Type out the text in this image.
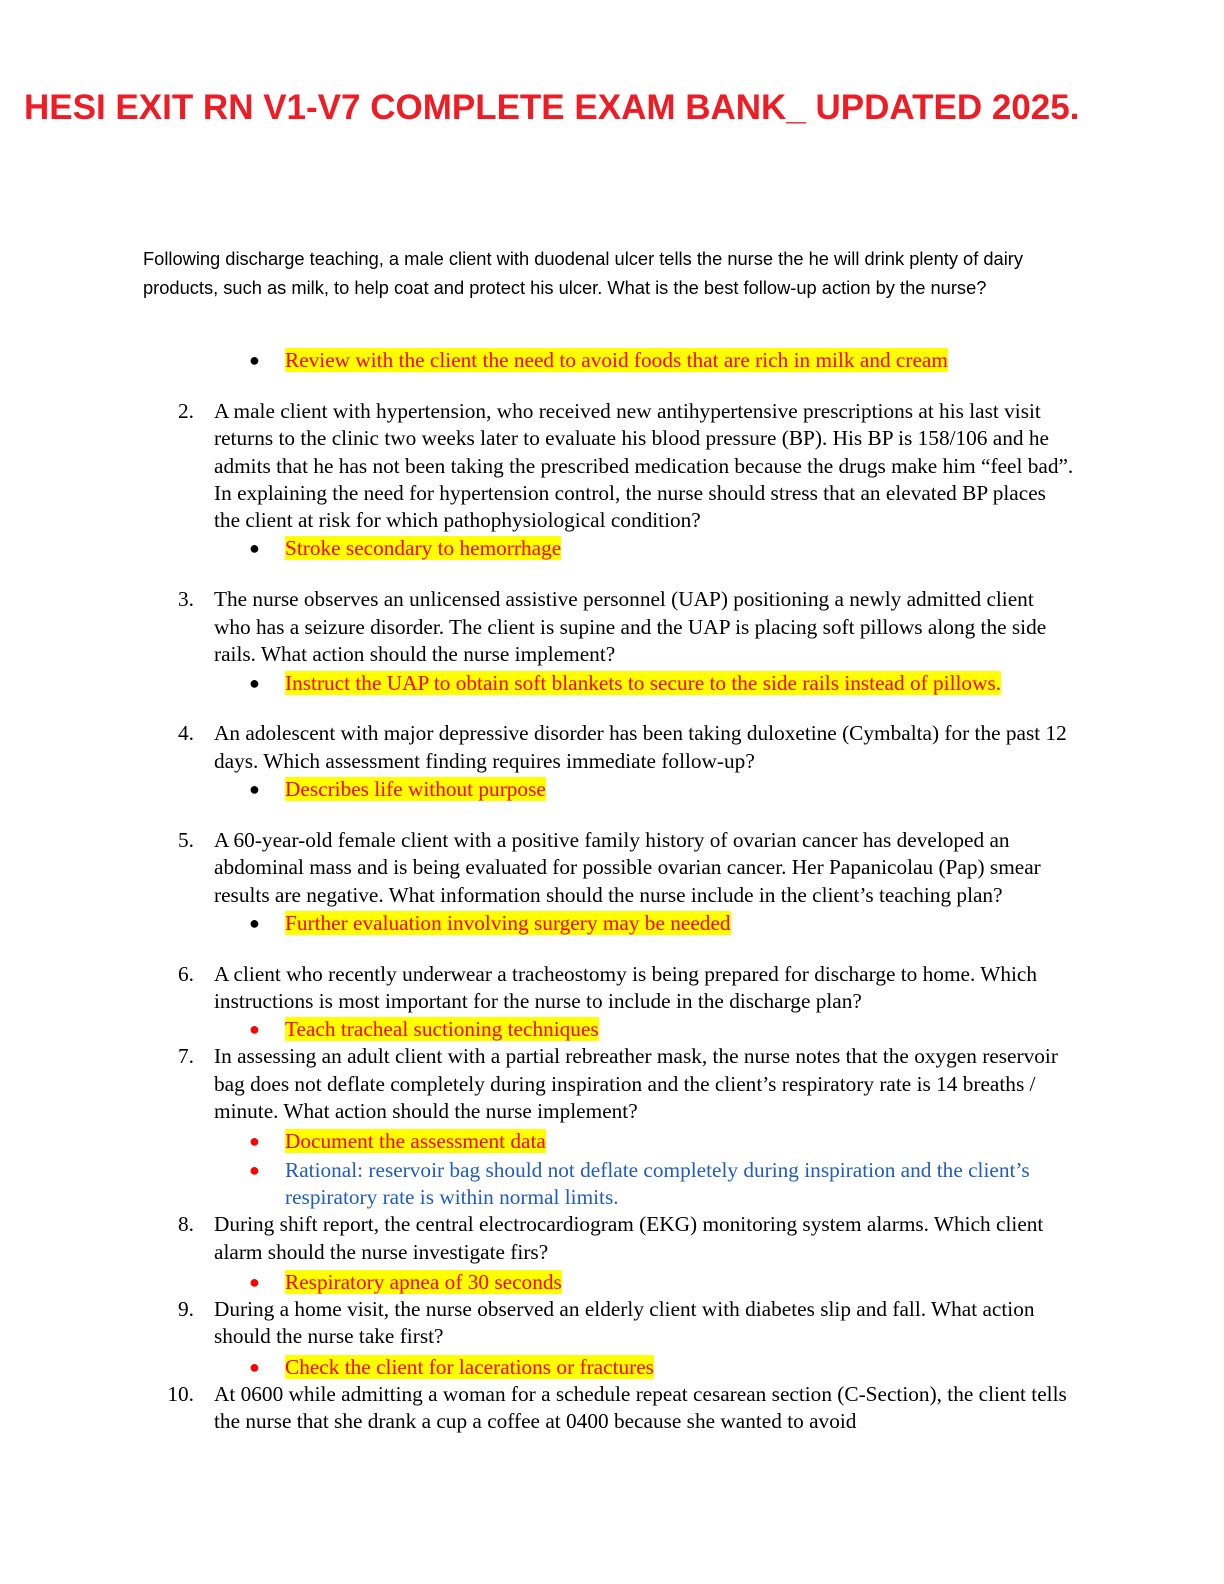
HESI EXIT RN V1-V7 COMPLETE EXAM BANK_ UPDATED 2025.

Following discharge teaching, a male client with duodenal ulcer tells the nurse the he will drink plenty of dairy products, such as milk, to help coat and protect his ulcer. What is the best follow-up action by the nurse?

● Review with the client the need to avoid foods that are rich in milk and cream
2. A male client with hypertension, who received new antihypertensive prescriptions at his last visit returns to the clinic two weeks later to evaluate his blood pressure (BP). His BP is 158/106 and he admits that he has not been taking the prescribed medication because the drugs make him “feel bad”. In explaining the need for hypertension control, the nurse should stress that an elevated BP places the client at risk for which pathophysiological condition?
● Stroke secondary to hemorrhage
3. The nurse observes an unlicensed assistive personnel (UAP) positioning a newly admitted client who has a seizure disorder. The client is supine and the UAP is placing soft pillows along the side rails. What action should the nurse implement?
● Instruct the UAP to obtain soft blankets to secure to the side rails instead of pillows.
4. An adolescent with major depressive disorder has been taking duloxetine (Cymbalta) for the past 12 days. Which assessment finding requires immediate follow-up?
● Describes life without purpose
5. A 60-year-old female client with a positive family history of ovarian cancer has developed an abdominal mass and is being evaluated for possible ovarian cancer. Her Papanicolau (Pap) smear results are negative. What information should the nurse include in the client’s teaching plan?
● Further evaluation involving surgery may be needed
6. A client who recently underwear a tracheostomy is being prepared for discharge to home. Which instructions is most important for the nurse to include in the discharge plan?
● Teach tracheal suctioning techniques
7. In assessing an adult client with a partial rebreather mask, the nurse notes that the oxygen reservoir bag does not deflate completely during inspiration and the client’s respiratory rate is 14 breaths / minute. What action should the nurse implement?
● Document the assessment data
● Rational: reservoir bag should not deflate completely during inspiration and the client’s respiratory rate is within normal limits.
8. During shift report, the central electrocardiogram (EKG) monitoring system alarms. Which client alarm should the nurse investigate firs?
● Respiratory apnea of 30 seconds
9. During a home visit, the nurse observed an elderly client with diabetes slip and fall. What action should the nurse take first?
● Check the client for lacerations or fractures
10. At 0600 while admitting a woman for a schedule repeat cesarean section (C-Section), the client tells the nurse that she drank a cup a coffee at 0400 because she wanted to avoid
